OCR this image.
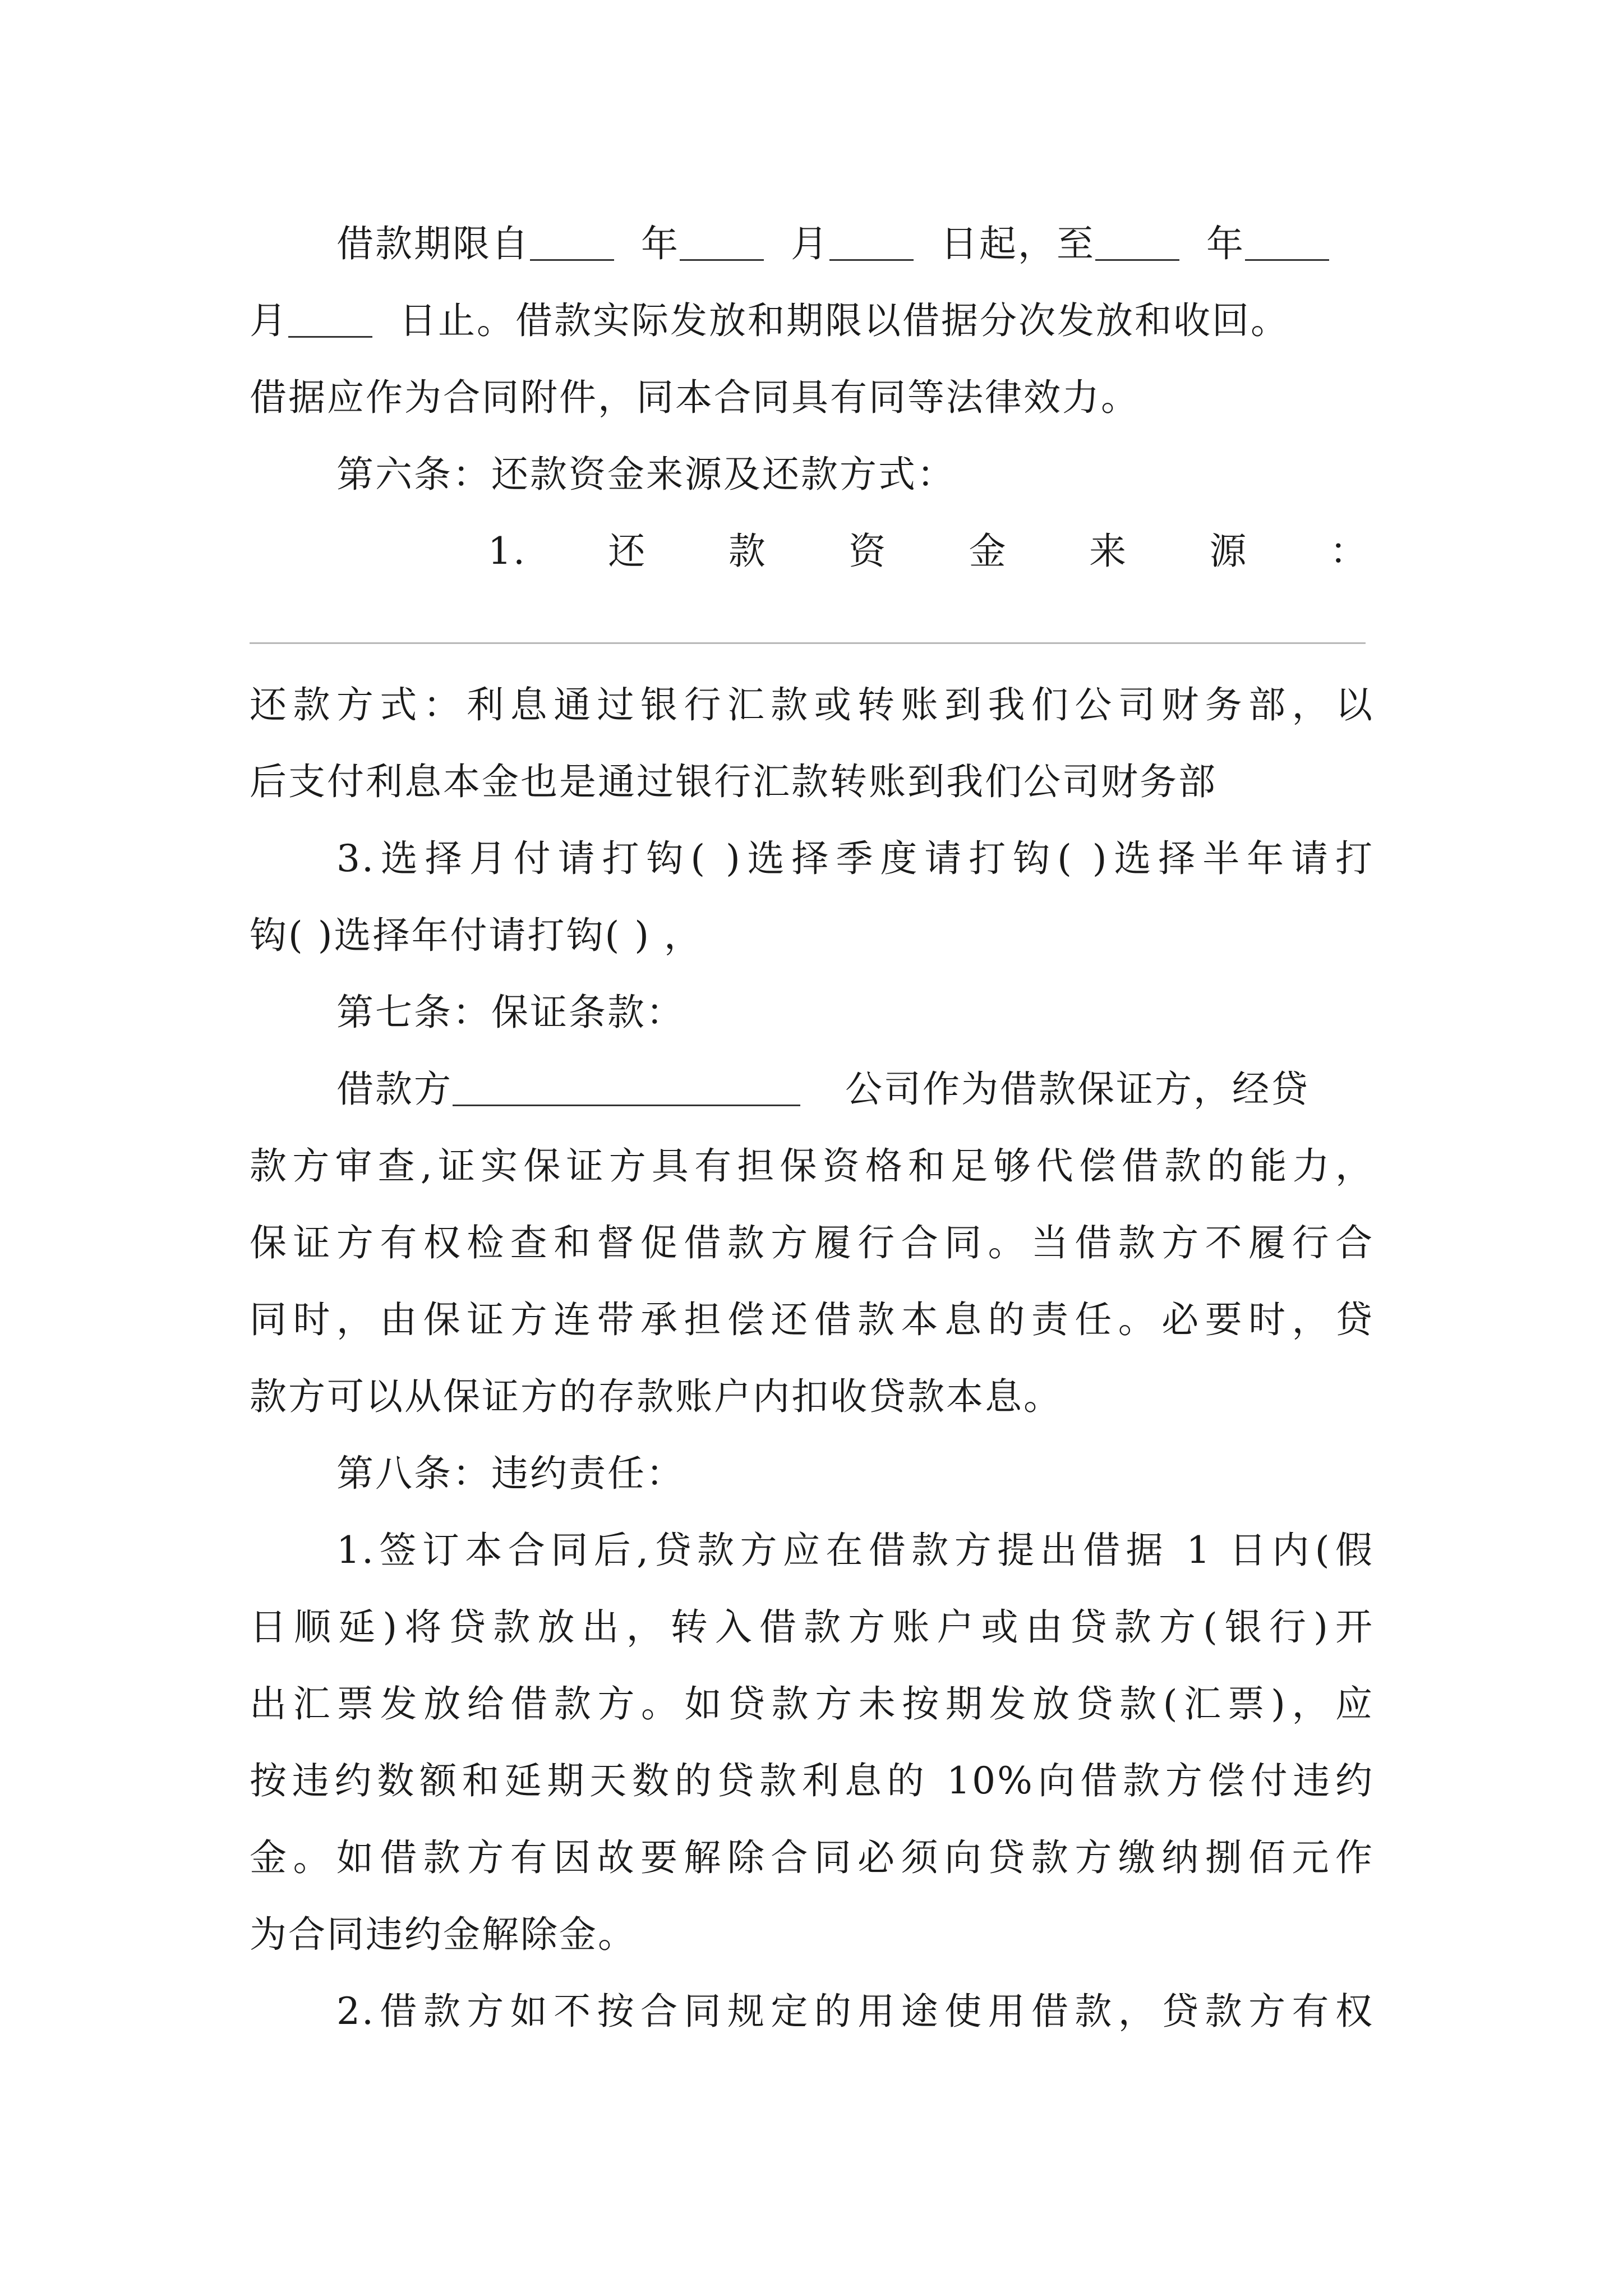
借款期限自	年	月	日起，至	年
月	日止。借款实际发放和期限以借据分次发放和收回。
借据应作为合同附件，同本合同具有同等法律效力。
第六条：还款资金来源及还款方式：
1. 还 款 资 金 来 源 ：
还款方式：利息通过银行汇款或转账到我们公司财务部，以
后支付利息本金也是通过银行汇款转账到我们公司财务部
3.选择月付请打钩( )选择季度请打钩( )选择半年请打
钩( )选择年付请打钩( ) ，
第七条：保证条款：
借款方	公司作为借款保证方，经贷
款方审查,证实保证方具有担保资格和足够代偿借款的能力，
保证方有权检查和督促借款方履行合同。当借款方不履行合
同时，由保证方连带承担偿还借款本息的责任。必要时，贷
款方可以从保证方的存款账户内扣收贷款本息。
第八条：违约责任：
1.签订本合同后,贷款方应在借款方提出借据 1 日内(假
日顺延)将贷款放出，转入借款方账户或由贷款方(银行)开
出汇票发放给借款方。如贷款方未按期发放贷款(汇票)，应
按违约数额和延期天数的贷款利息的 10%向借款方偿付违约
金。如借款方有因故要解除合同必须向贷款方缴纳捌佰元作
为合同违约金解除金。
2.借款方如不按合同规定的用途使用借款，贷款方有权
